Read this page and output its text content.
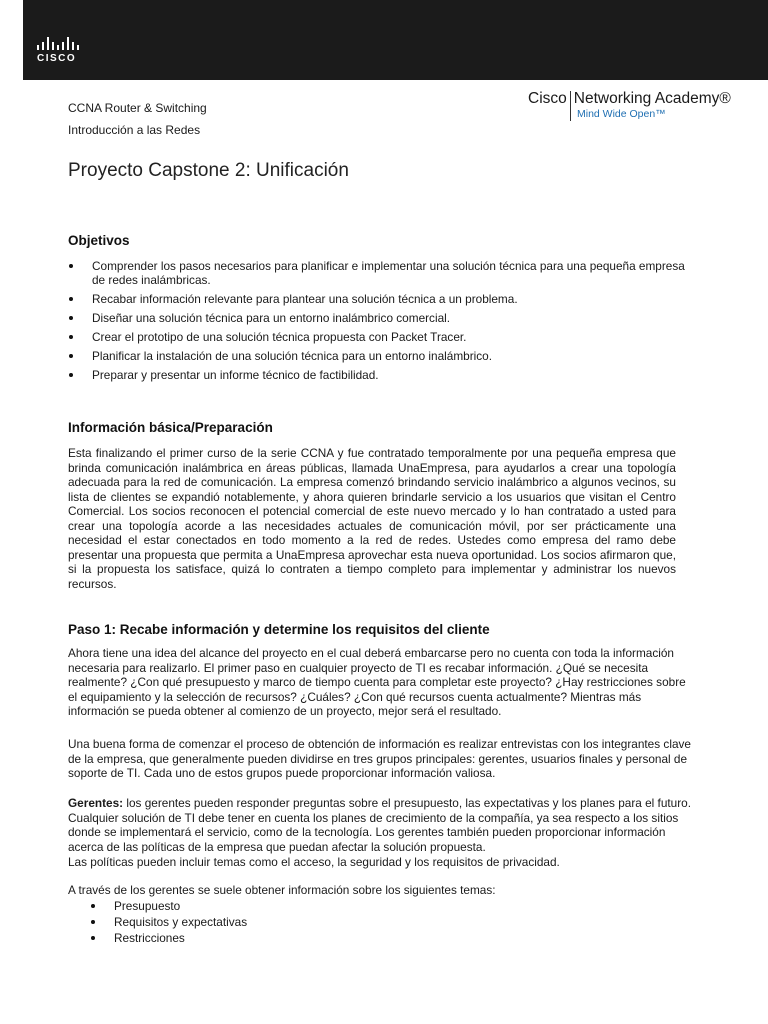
CISCO
CCNA Router & Switching
Introducción a las Redes
Cisco Networking Academy®
Mind Wide Open™
Proyecto Capstone 2: Unificación
Objetivos
Comprender los pasos necesarios para planificar e implementar una solución técnica para una pequeña empresa de redes inalámbricas.
Recabar información relevante para plantear una solución técnica a un problema.
Diseñar una solución técnica para un entorno inalámbrico comercial.
Crear el prototipo de una solución técnica propuesta con Packet Tracer.
Planificar la instalación de una solución técnica para un entorno inalámbrico.
Preparar y presentar un informe técnico de factibilidad.
Información básica/Preparación

Esta finalizando el primer curso de la serie CCNA y fue contratado temporalmente por una pequeña empresa que brinda comunicación inalámbrica en áreas públicas, llamada UnaEmpresa, para ayudarlos a crear una topología adecuada para la red de comunicación. La empresa comenzó brindando servicio inalámbrico a algunos vecinos, su lista de clientes se expandió notablemente, y ahora quieren brindarle servicio a los usuarios que visitan el Centro Comercial. Los socios reconocen el potencial comercial de este nuevo mercado y lo han contratado a usted para crear una topología acorde a las necesidades actuales de comunicación móvil, por ser prácticamente una necesidad el estar conectados en todo momento a la red de redes. Ustedes como empresa del ramo debe presentar una propuesta que permita a UnaEmpresa aprovechar esta nueva oportunidad. Los socios afirmaron que, si la propuesta los satisface, quizá lo contraten a tiempo completo para implementar y administrar los nuevos recursos.

Paso 1: Recabe información y determine los requisitos del cliente

Ahora tiene una idea del alcance del proyecto en el cual deberá embarcarse pero no cuenta con toda la información necesaria para realizarlo. El primer paso en cualquier proyecto de TI es recabar información. ¿Qué se necesita realmente? ¿Con qué presupuesto y marco de tiempo cuenta para completar este proyecto? ¿Hay restricciones sobre el equipamiento y la selección de recursos? ¿Cuáles? ¿Con qué recursos cuenta actualmente? Mientras más información se pueda obtener al comienzo de un proyecto, mejor será el resultado.

Una buena forma de comenzar el proceso de obtención de información es realizar entrevistas con los integrantes clave de la empresa, que generalmente pueden dividirse en tres grupos principales: gerentes, usuarios finales y personal de soporte de TI. Cada uno de estos grupos puede proporcionar información valiosa.

Gerentes: los gerentes pueden responder preguntas sobre el presupuesto, las expectativas y los planes para el futuro. Cualquier solución de TI debe tener en cuenta los planes de crecimiento de la compañía, ya sea respecto a los sitios donde se implementará el servicio, como de la tecnología. Los gerentes también pueden proporcionar información acerca de las políticas de la empresa que puedan afectar la solución propuesta.

Las políticas pueden incluir temas como el acceso, la seguridad y los requisitos de privacidad.

A través de los gerentes se suele obtener información sobre los siguientes temas:

Presupuesto
Requisitos y expectativas
Restricciones
